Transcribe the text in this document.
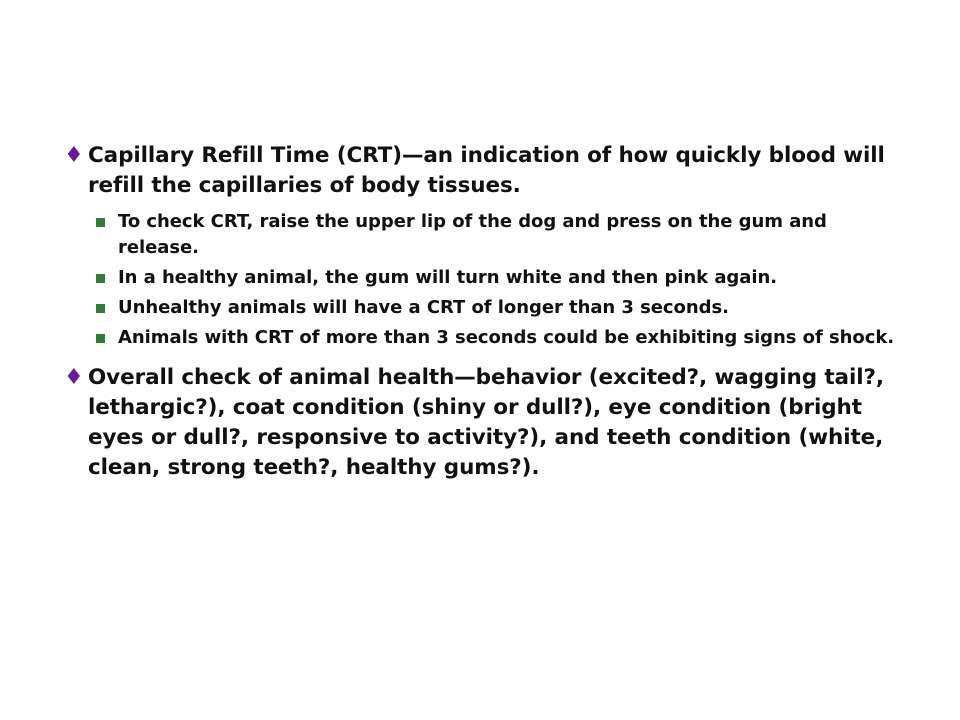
♦ Capillary Refill Time (CRT)—an indication of how quickly blood will refill the capillaries of body tissues.
To check CRT, raise the upper lip of the dog and press on the gum and release.
In a healthy animal, the gum will turn white and then pink again.
Unhealthy animals will have a CRT of longer than 3 seconds.
Animals with CRT of more than 3 seconds could be exhibiting signs of shock.
♦ Overall check of animal health—behavior (excited?, wagging tail?, lethargic?), coat condition (shiny or dull?), eye condition (bright eyes or dull?, responsive to activity?), and teeth condition (white, clean, strong teeth?, healthy gums?).
